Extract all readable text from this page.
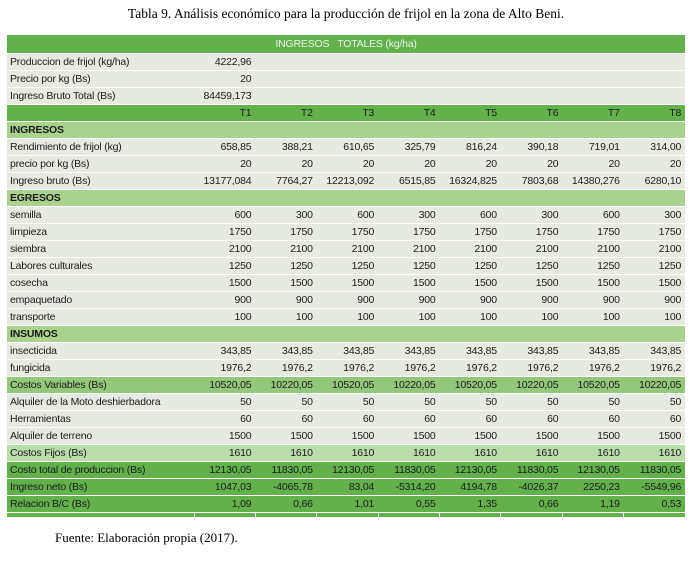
Tabla 9. Análisis económico para la producción de frijol en la zona de Alto Beni.
INGRESOS   TOTALES (kg/ha)								
Produccion de frijol (kg/ha)	4222,96							
Precio por kg (Bs)	20							
Ingreso Bruto Total (Bs)	84459,173							
	T1	T2	T3	T4	T5	T6	T7	T8
INGRESOS								
Rendimiento de frijol (kg)	658,85	388,21	610,65	325,79	816,24	390,18	719,01	314,00
precio por kg (Bs)	20	20	20	20	20	20	20	20
Ingreso bruto (Bs)	13177,084	7764,27	12213,092	6515,85	16324,825	7803,68	14380,276	6280,10
EGRESOS								
semilla	600	300	600	300	600	300	600	300
limpieza	1750	1750	1750	1750	1750	1750	1750	1750
siembra	2100	2100	2100	2100	2100	2100	2100	2100
Labores culturales	1250	1250	1250	1250	1250	1250	1250	1250
cosecha	1500	1500	1500	1500	1500	1500	1500	1500
empaquetado	900	900	900	900	900	900	900	900
transporte	100	100	100	100	100	100	100	100
INSUMOS								
insecticida	343,85	343,85	343,85	343,85	343,85	343,85	343,85	343,85
fungicida	1976,2	1976,2	1976,2	1976,2	1976,2	1976,2	1976,2	1976,2
Costos Variables (Bs)	10520,05	10220,05	10520,05	10220,05	10520,05	10220,05	10520,05	10220,05
Alquiler de la Moto deshierbadora	50	50	50	50	50	50	50	50
Herramientas	60	60	60	60	60	60	60	60
Alquiler de terreno	1500	1500	1500	1500	1500	1500	1500	1500
Costos Fijos (Bs)	1610	1610	1610	1610	1610	1610	1610	1610
Costo total de produccion (Bs)	12130,05	11830,05	12130,05	11830,05	12130,05	11830,05	12130,05	11830,05
Ingreso neto (Bs)	1047,03	-4065,78	83,04	-5314,20	4194,78	-4026,37	2250,23	-5549,96
Relacion B/C (Bs)	1,09	0,66	1,01	0,55	1,35	0,66	1,19	0,53

Fuente: Elaboración propia (2017).
